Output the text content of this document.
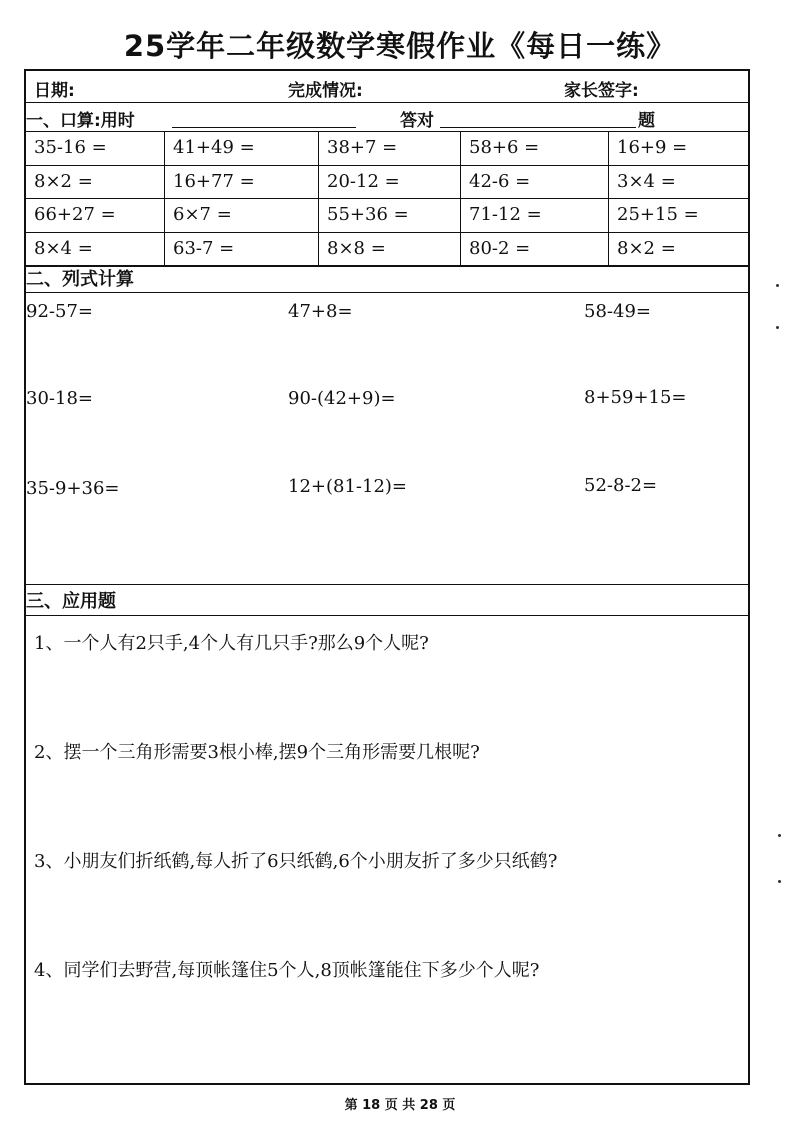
25学年二年级数学寒假作业《每日一练》
日期:	完成情况:	家长签字:
一、口算:用时	答对	题
35-16 =	41+49 =	38+7 =	58+6 =	16+9 =
8×2 =	16+77 =	20-12 =	42-6 =	3×4 =
66+27 =	6×7 =	55+36 =	71-12 =	25+15 =
8×4 =	63-7 =	8×8 =	80-2 =	8×2 =
二、列式计算
92-57=	47+8=	58-49=
30-18=	90-(42+9)=	8+59+15=
35-9+36=	12+(81-12)=	52-8-2=
三、应用题
1、一个人有2只手,4个人有几只手?那么9个人呢?
2、摆一个三角形需要3根小棒,摆9个三角形需要几根呢?
3、小朋友们折纸鹤,每人折了6只纸鹤,6个小朋友折了多少只纸鹤?
4、同学们去野营,每顶帐篷住5个人,8顶帐篷能住下多少个人呢?
第 18 页 共 28 页
